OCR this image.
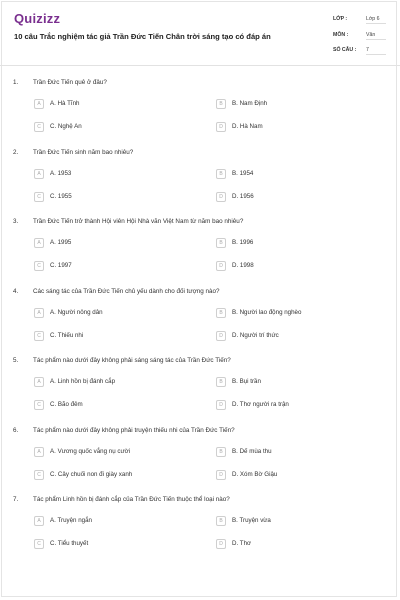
Quizizz
10 câu Trắc nghiệm tác giả Trần Đức Tiến Chân trời sáng tạo có đáp án
LỚP :	Lớp 6
MÔN :	Văn
SỐ CÂU : 7
1. Trần Đức Tiến quê ở đâu?
A	A. Hà Tĩnh	B	B. Nam Định
C	C. Nghệ An	D	D. Hà Nam
2. Trần Đức Tiến sinh năm bao nhiêu?
A	A. 1953	B	B. 1954
C	C. 1955	D	D. 1956
3. Trần Đức Tiến trở thành Hội viên Hội Nhà văn Việt Nam từ năm bao nhiêu?
A	A. 1995	B	B. 1996
C	C. 1997	D	D. 1998
4. Các sáng tác của Trần Đức Tiến chủ yếu dành cho đối tượng nào?
A	A. Người nông dân	B	B. Người lao động nghèo
C	C. Thiếu nhi	D	D. Người trí thức
5. Tác phẩm nào dưới đây không phải sáng sáng tác của Trần Đức Tiến?
A	A. Linh hồn bị đánh cắp	B	B. Bụi trần
C	C. Bão đêm	D	D. Thơ người ra trận
6. Tác phẩm nào dưới đây không phải truyện thiếu nhi của Trần Đức Tiến?
A	A. Vương quốc vắng nụ cười	B	B. Dế mùa thu
C	C. Cây chuối non đi giày xanh	D	D. Xóm Bờ Giậu
7. Tác phẩm Linh hồn bị đánh cắp của Trần Đức Tiến thuộc thể loại nào?
A	A. Truyện ngắn	B	B. Truyện vừa
C	C. Tiểu thuyết	D	D. Thơ
